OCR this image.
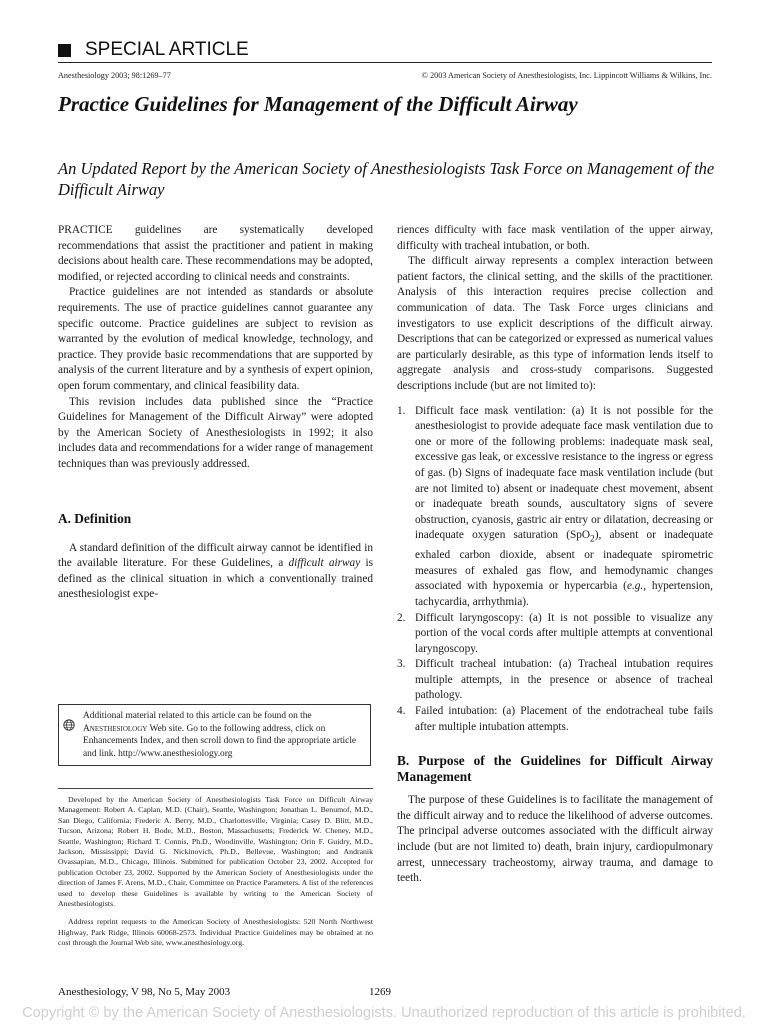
SPECIAL ARTICLE
Anesthesiology 2003; 98:1269–77	© 2003 American Society of Anesthesiologists, Inc. Lippincott Williams & Wilkins, Inc.
Practice Guidelines for Management of the Difficult Airway
An Updated Report by the American Society of Anesthesiologists Task Force on Management of the Difficult Airway

PRACTICE guidelines are systematically developed recommendations that assist the practitioner and patient in making decisions about health care. These recommendations may be adopted, modified, or rejected according to clinical needs and constraints.

Practice guidelines are not intended as standards or absolute requirements. The use of practice guidelines cannot guarantee any specific outcome. Practice guidelines are subject to revision as warranted by the evolution of medical knowledge, technology, and practice. They provide basic recommendations that are supported by analysis of the current literature and by a synthesis of expert opinion, open forum commentary, and clinical feasibility data.

This revision includes data published since the “Practice Guidelines for Management of the Difficult Airway” were adopted by the American Society of Anesthesiologists in 1992; it also includes data and recommendations for a wider range of management techniques than was previously addressed.

A. Definition

A standard definition of the difficult airway cannot be identified in the available literature. For these Guidelines, a difficult airway is defined as the clinical situation in which a conventionally trained anesthesiologist expe-

Additional material related to this article can be found on the Anesthesiology Web site. Go to the following address, click on Enhancements Index, and then scroll down to find the appropriate article and link. http://www.anesthesiology.org

Developed by the American Society of Anesthesiologists Task Force on Difficult Airway Management: Robert A. Caplan, M.D. (Chair), Seattle, Washington; Jonathan L. Benumof, M.D., San Diego, California; Frederic A. Berry, M.D., Charlottesville, Virginia; Casey D. Blitt, M.D., Tucson, Arizona; Robert H. Bode, M.D., Boston, Massachusetts; Frederick W. Cheney, M.D., Seattle, Washington; Richard T. Connis, Ph.D., Woodinville, Washington; Orin F. Guidry, M.D., Jackson, Mississippi; David G. Nickinovich, Ph.D., Bellevue, Washington; and Andranik Ovassapian, M.D., Chicago, Illinois. Submitted for publication October 23, 2002. Accepted for publication October 23, 2002. Supported by the American Society of Anesthesiologists under the direction of James F. Arens, M.D., Chair, Committee on Practice Parameters. A list of the references used to develop these Guidelines is available by writing to the American Society of Anesthesiologists.

Address reprint requests to the American Society of Anesthesiologists: 520 North Northwest Highway, Park Ridge, Illinois 60068-2573. Individual Practice Guidelines may be obtained at no cost through the Journal Web site, www.anesthesiology.org.

riences difficulty with face mask ventilation of the upper airway, difficulty with tracheal intubation, or both.

The difficult airway represents a complex interaction between patient factors, the clinical setting, and the skills of the practitioner. Analysis of this interaction requires precise collection and communication of data. The Task Force urges clinicians and investigators to use explicit descriptions of the difficult airway. Descriptions that can be categorized or expressed as numerical values are particularly desirable, as this type of information lends itself to aggregate analysis and cross-study comparisons. Suggested descriptions include (but are not limited to):

1. Difficult face mask ventilation: (a) It is not possible for the anesthesiologist to provide adequate face mask ventilation due to one or more of the following problems: inadequate mask seal, excessive gas leak, or excessive resistance to the ingress or egress of gas. (b) Signs of inadequate face mask ventilation include (but are not limited to) absent or inadequate chest movement, absent or inadequate breath sounds, auscultatory signs of severe obstruction, cyanosis, gastric air entry or dilatation, decreasing or inadequate oxygen saturation (SpO$_2$), absent or inadequate exhaled carbon dioxide, absent or inadequate spirometric measures of exhaled gas flow, and hemodynamic changes associated with hypoxemia or hypercarbia (e.g., hypertension, tachycardia, arrhythmia).
2. Difficult laryngoscopy: (a) It is not possible to visualize any portion of the vocal cords after multiple attempts at conventional laryngoscopy.
3. Difficult tracheal intubation: (a) Tracheal intubation requires multiple attempts, in the presence or absence of tracheal pathology.
4. Failed intubation: (a) Placement of the endotracheal tube fails after multiple intubation attempts.
B. Purpose of the Guidelines for Difficult Airway Management

The purpose of these Guidelines is to facilitate the management of the difficult airway and to reduce the likelihood of adverse outcomes. The principal adverse outcomes associated with the difficult airway include (but are not limited to) death, brain injury, cardiopulmonary arrest, unnecessary tracheostomy, airway trauma, and damage to teeth.

Anesthesiology, V 98, No 5, May 2003	1269
Copyright © by the American Society of Anesthesiologists. Unauthorized reproduction of this article is prohibited.
